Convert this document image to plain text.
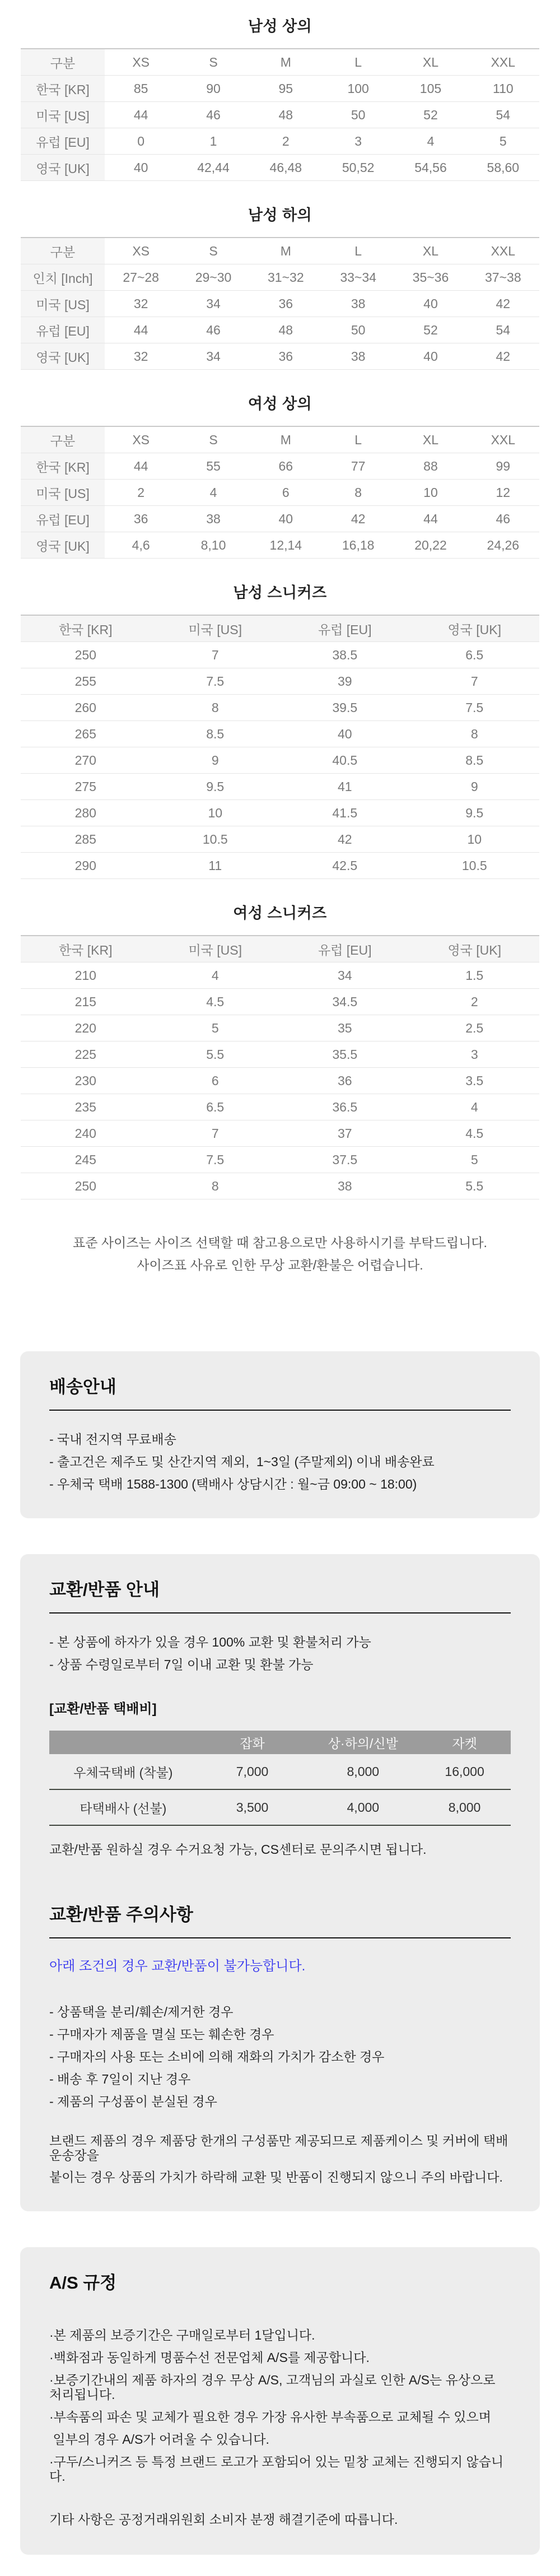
남성 상의
구분	XS	S	M	L	XL	XXL
한국 [KR]	85	90	95	100	105	110
미국 [US]	44	46	48	50	52	54
유럽 [EU]	0	1	2	3	4	5
영국 [UK]	40	42,44	46,48	50,52	54,56	58,60
남성 하의
구분	XS	S	M	L	XL	XXL
인치 [Inch]	27~28	29~30	31~32	33~34	35~36	37~38
미국 [US]	32	34	36	38	40	42
유럽 [EU]	44	46	48	50	52	54
영국 [UK]	32	34	36	38	40	42
여성 상의
구분	XS	S	M	L	XL	XXL
한국 [KR]	44	55	66	77	88	99
미국 [US]	2	4	6	8	10	12
유럽 [EU]	36	38	40	42	44	46
영국 [UK]	4,6	8,10	12,14	16,18	20,22	24,26
남성 스니커즈
한국 [KR]	미국 [US]	유럽 [EU]	영국 [UK]
250	7	38.5	6.5
255	7.5	39	7
260	8	39.5	7.5
265	8.5	40	8
270	9	40.5	8.5
275	9.5	41	9
280	10	41.5	9.5
285	10.5	42	10
290	11	42.5	10.5
여성 스니커즈
한국 [KR]	미국 [US]	유럽 [EU]	영국 [UK]
210	4	34	1.5
215	4.5	34.5	2
220	5	35	2.5
225	5.5	35.5	3
230	6	36	3.5
235	6.5	36.5	4
240	7	37	4.5
245	7.5	37.5	5
250	8	38	5.5

표준 사이즈는 사이즈 선택할 때 참고용으로만 사용하시기를 부탁드립니다.

사이즈표 사유로 인한 무상 교환/환불은 어렵습니다.

배송안내
- 국내 전지역 무료배송
- 출고건은 제주도 및 산간지역 제외,  1~3일 (주말제외) 이내 배송완료
- 우체국 택배 1588-1300 (택배사 상담시간 : 월~금 09:00 ~ 18:00)
교환/반품 안내
- 본 상품에 하자가 있을 경우 100% 교환 및 환불처리 가능
- 상품 수령일로부터 7일 이내 교환 및 환불 가능

[교환/반품 택배비]

	잡화	상·하의/신발	자켓
우체국택배 (착불)	7,000	8,000	16,000
타택배사 (선불)	3,500	4,000	8,000

교환/반품 원하실 경우 수거요청 가능, CS센터로 문의주시면 됩니다.

교환/반품 주의사항

아래 조건의 경우 교환/반품이 불가능합니다.

- 상품택을 분리/훼손/제거한 경우
- 구매자가 제품을 멸실 또는 훼손한 경우
- 구매자의 사용 또는 소비에 의해 재화의 가치가 감소한 경우
- 배송 후 7일이 지난 경우
- 제품의 구성품이 분실된 경우

브랜드 제품의 경우 제품당 한개의 구성품만 제공되므로 제품케이스 및 커버에 택배 운송장을

붙이는 경우 상품의 가치가 하락해 교환 및 반품이 진행되지 않으니 주의 바랍니다.

A/S 규정
·본 제품의 보증기간은 구매일로부터 1달입니다.
·백화점과 동일하게 명품수선 전문업체 A/S를 제공합니다.
·보증기간내의 제품 하자의 경우 무상 A/S, 고객님의 과실로 인한 A/S는 유상으로 처리됩니다.
·부속품의 파손 및 교체가 필요한 경우 가장 유사한 부속품으로 교체될 수 있으며
일부의 경우 A/S가 어려울 수 있습니다.
·구두/스니커즈 등 특정 브랜드 로고가 포함되어 있는 밑창 교체는 진행되지 않습니다.

기타 사항은 공정거래위원회 소비자 분쟁 해결기준에 따릅니다.
